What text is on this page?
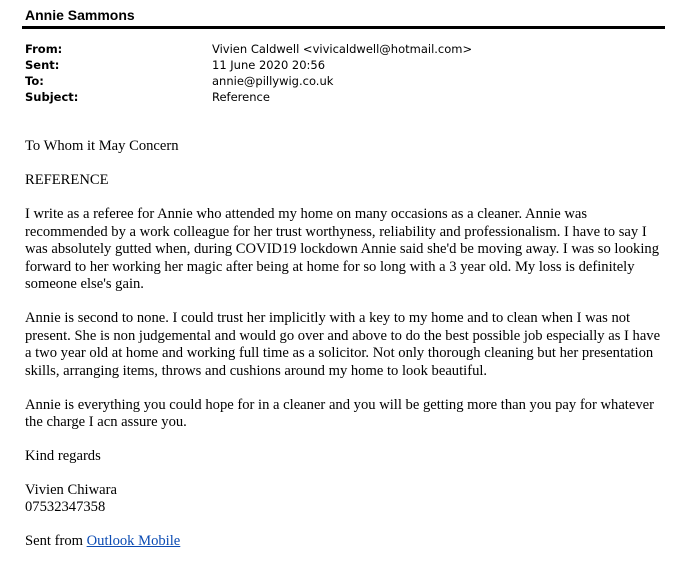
Annie Sammons
From:	Vivien Caldwell <vivicaldwell@hotmail.com>
Sent:	11 June 2020 20:56
To:	annie@pillywig.co.uk
Subject:	Reference

To Whom it May Concern

REFERENCE

I write as a referee for Annie who attended my home on many occasions as a cleaner. Annie was recommended by a work colleague for her trust worthyness, reliability and professionalism. I have to say I was absolutely gutted when, during COVID19 lockdown Annie said she'd be moving away. I was so looking forward to her working her magic after being at home for so long with a 3 year old. My loss is definitely someone else's gain.

Annie is second to none. I could trust her implicitly with a key to my home and to clean when I was not present. She is non judgemental and would go over and above to do the best possible job especially as I have a two year old at home and working full time as a solicitor. Not only thorough cleaning but her presentation skills, arranging items, throws and cushions around my home to look beautiful.

Annie is everything you could hope for in a cleaner and you will be getting more than you pay for whatever the charge I acn assure you.

Kind regards

Vivien Chiwara
07532347358

Sent from Outlook Mobile
